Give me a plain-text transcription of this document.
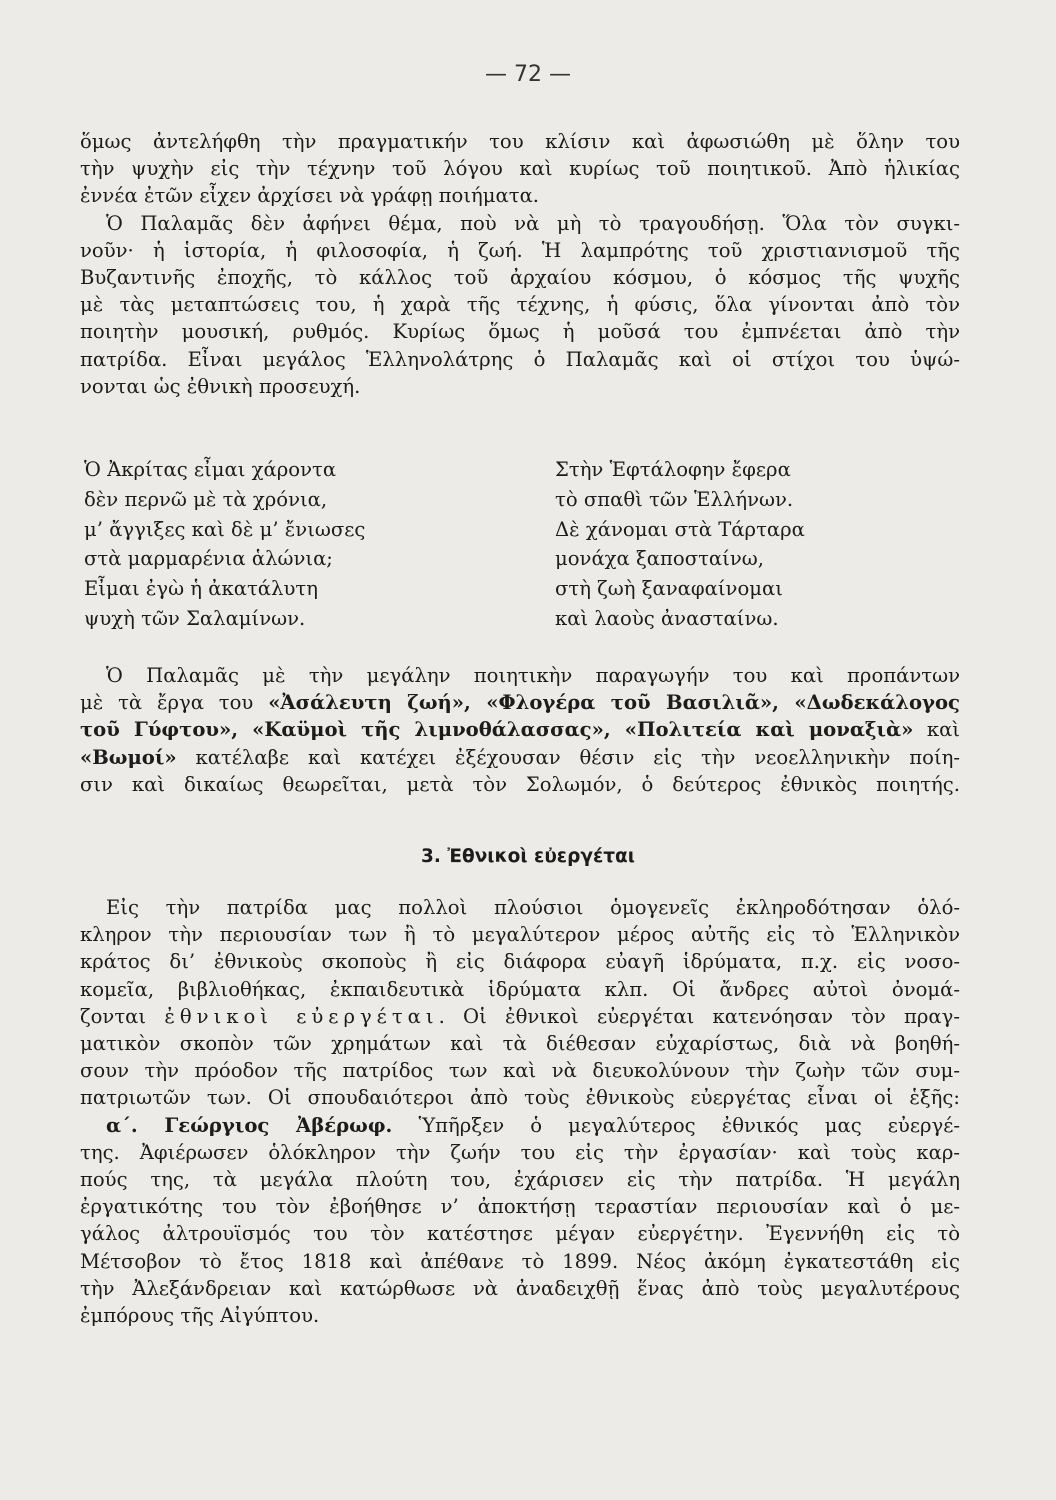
— 72 —
ὅμως ἀντελήφθη τὴν πραγματικήν του κλίσιν καὶ ἀφωσιώθη μὲ ὅλην του
τὴν ψυχὴν εἰς τὴν τέχνην τοῦ λόγου καὶ κυρίως τοῦ ποιητικοῦ. Ἀπὸ ἡλικίας
ἐννέα ἐτῶν εἶχεν ἀρχίσει νὰ γράφῃ ποιήματα.
Ὁ Παλαμᾶς δὲν ἀφήνει θέμα, ποὺ νὰ μὴ τὸ τραγουδήσῃ. Ὅλα τὸν συγκι-
νοῦν· ἡ ἱστορία, ἡ φιλοσοφία, ἡ ζωή. Ἡ λαμπρότης τοῦ χριστιανισμοῦ τῆς
Βυζαντινῆς ἐποχῆς, τὸ κάλλος τοῦ ἀρχαίου κόσμου, ὁ κόσμος τῆς ψυχῆς
μὲ τὰς μεταπτώσεις του, ἡ χαρὰ τῆς τέχνης, ἡ φύσις, ὅλα γίνονται ἀπὸ τὸν
ποιητὴν μουσική, ρυθμός. Κυρίως ὅμως ἡ μοῦσά του ἐμπνέεται ἀπὸ τὴν
πατρίδα. Εἶναι μεγάλος Ἑλληνολάτρης ὁ Παλαμᾶς καὶ οἱ στίχοι του ὑψώ-
νονται ὡς ἐθνικὴ προσευχή.
Ὁ Ἀκρίτας εἶμαι χάροντα
δὲν περνῶ μὲ τὰ χρόνια,
μ’ ἄγγιξες καὶ δὲ μ’ ἔνιωσες
στὰ μαρμαρένια ἁλώνια;
Εἶμαι ἐγὼ ἡ ἀκατάλυτη
ψυχὴ τῶν Σαλαμίνων.
Στὴν Ἑφτάλοφην ἔφερα
τὸ σπαθὶ τῶν Ἑλλήνων.
Δὲ χάνομαι στὰ Τάρταρα
μονάχα ξαποσταίνω,
στὴ ζωὴ ξαναφαίνομαι
καὶ λαοὺς ἀνασταίνω.
Ὁ Παλαμᾶς μὲ τὴν μεγάλην ποιητικὴν παραγωγήν του καὶ προπάντων
μὲ τὰ ἔργα του «Ἀσάλευτη ζωή», «Φλογέρα τοῦ Βασιλιᾶ», «Δωδεκάλογος
τοῦ Γύφτου», «Καϋμοὶ τῆς λιμνοθάλασσας», «Πολιτεία καὶ μοναξιὰ» καὶ
«Βωμοί» κατέλαβε καὶ κατέχει ἐξέχουσαν θέσιν εἰς τὴν νεοελληνικὴν ποίη-
σιν καὶ δικαίως θεωρεῖται, μετὰ τὸν Σολωμόν, ὁ δεύτερος ἐθνικὸς ποιητής.
3. Ἐθνικοὶ εὐεργέται
Εἰς τὴν πατρίδα μας πολλοὶ πλούσιοι ὁμογενεῖς ἐκληροδότησαν ὁλό-
κληρον τὴν περιουσίαν των ἢ τὸ μεγαλύτερον μέρος αὐτῆς εἰς τὸ Ἑλληνικὸν
κράτος δι’ ἐθνικοὺς σκοποὺς ἢ εἰς διάφορα εὐαγῆ ἱδρύματα, π.χ. εἰς νοσο-
κομεῖα, βιβλιοθήκας, ἐκπαιδευτικὰ ἱδρύματα κλπ. Οἱ ἄνδρες αὐτοὶ ὀνομά-
ζονται ἐθνικοὶ εὐεργέται. Οἱ ἐθνικοὶ εὐεργέται κατενόησαν τὸν πραγ-
ματικὸν σκοπὸν τῶν χρημάτων καὶ τὰ διέθεσαν εὐχαρίστως, διὰ νὰ βοηθή-
σουν τὴν πρόοδον τῆς πατρίδος των καὶ νὰ διευκολύνουν τὴν ζωὴν τῶν συμ-
πατριωτῶν των. Οἱ σπουδαιότεροι ἀπὸ τοὺς ἐθνικοὺς εὐεργέτας εἶναι οἱ ἑξῆς:
α΄. Γεώργιος Ἀβέρωφ. Ὑπῆρξεν ὁ μεγαλύτερος ἐθνικός μας εὐεργέ-
της. Ἀφιέρωσεν ὁλόκληρον τὴν ζωήν του εἰς τὴν ἐργασίαν· καὶ τοὺς καρ-
πούς της, τὰ μεγάλα πλούτη του, ἐχάρισεν εἰς τὴν πατρίδα. Ἡ μεγάλη
ἐργατικότης του τὸν ἐβοήθησε ν’ ἀποκτήσῃ τεραστίαν περιουσίαν καὶ ὁ με-
γάλος ἀλτρουϊσμός του τὸν κατέστησε μέγαν εὐεργέτην. Ἐγεννήθη εἰς τὸ
Μέτσοβον τὸ ἔτος 1818 καὶ ἀπέθανε τὸ 1899. Νέος ἀκόμη ἐγκατεστάθη εἰς
τὴν Ἀλεξάνδρειαν καὶ κατώρθωσε νὰ ἀναδειχθῇ ἕνας ἀπὸ τοὺς μεγαλυτέρους
ἐμπόρους τῆς Αἰγύπτου.
